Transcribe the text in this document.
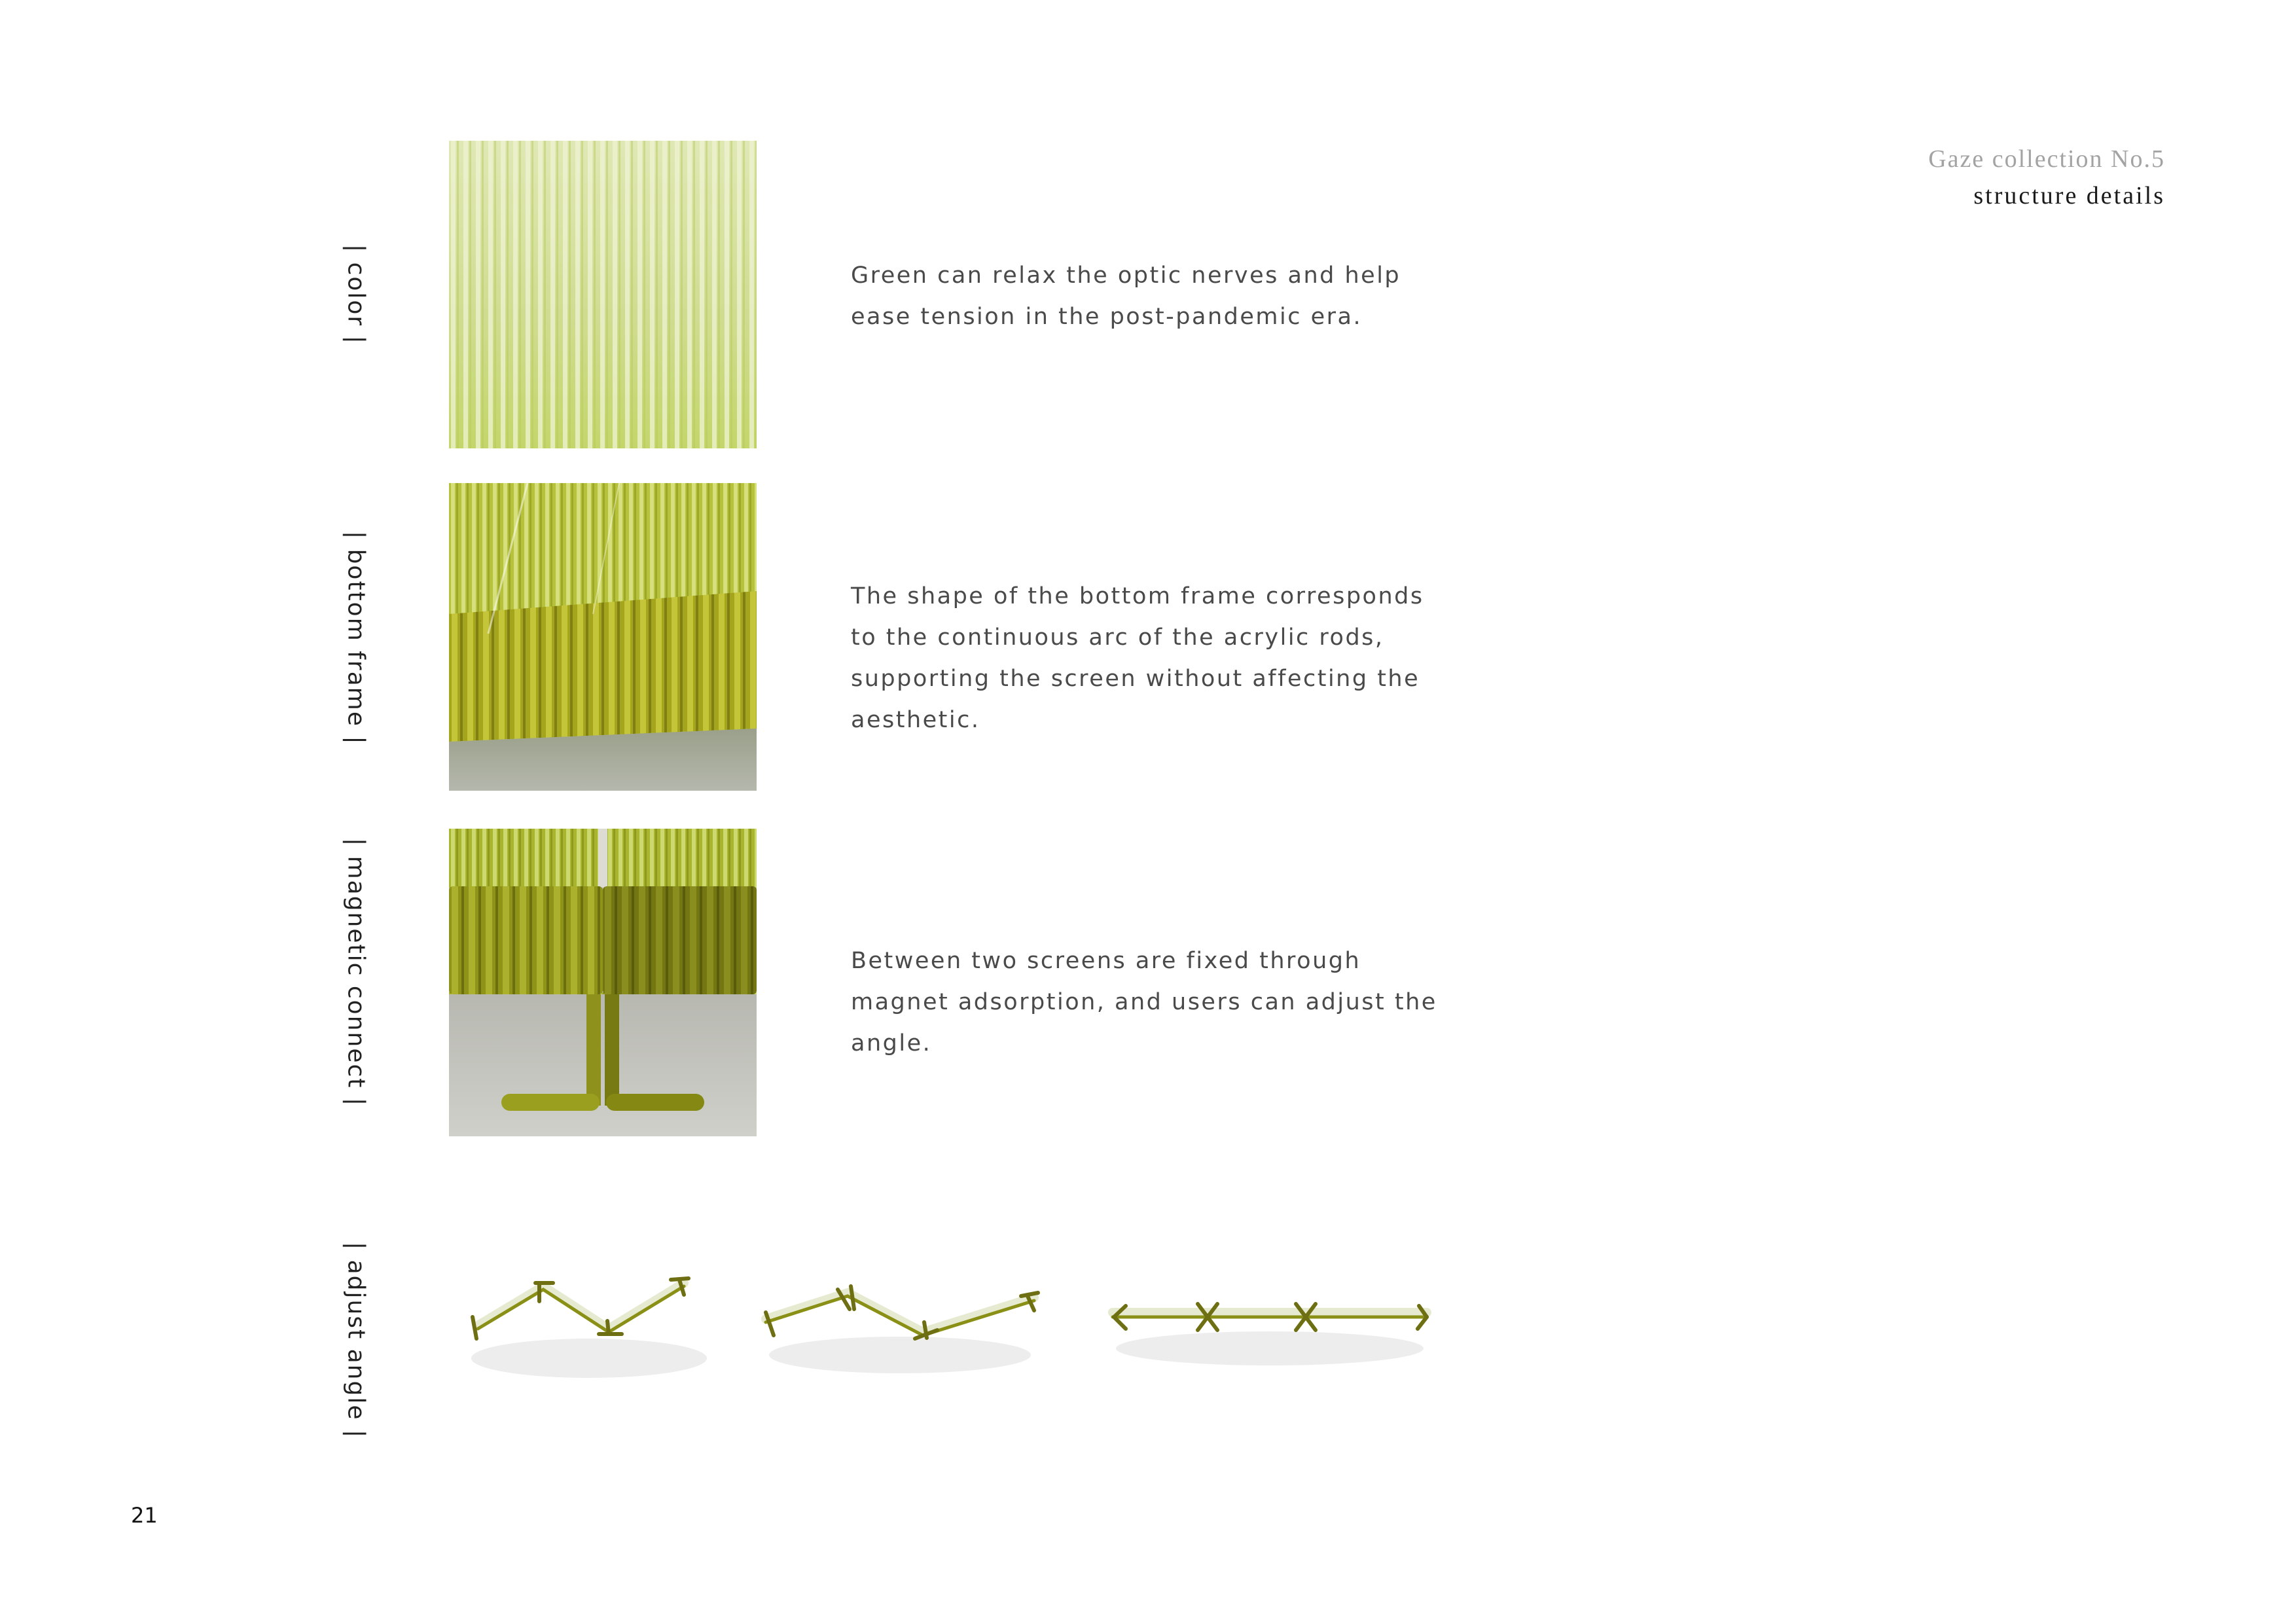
Gaze collection No.5
structure details
| color |	Green can relax the optic nerves and help ease tension in the post-pandemic era.
| bottom frame |	The shape of the bottom frame corresponds to the continuous arc of the acrylic rods, supporting the screen without affecting the aesthetic.
| magnetic connect |	Between two screens are fixed through magnet adsorption, and users can adjust the angle.
| adjust angle |
21
